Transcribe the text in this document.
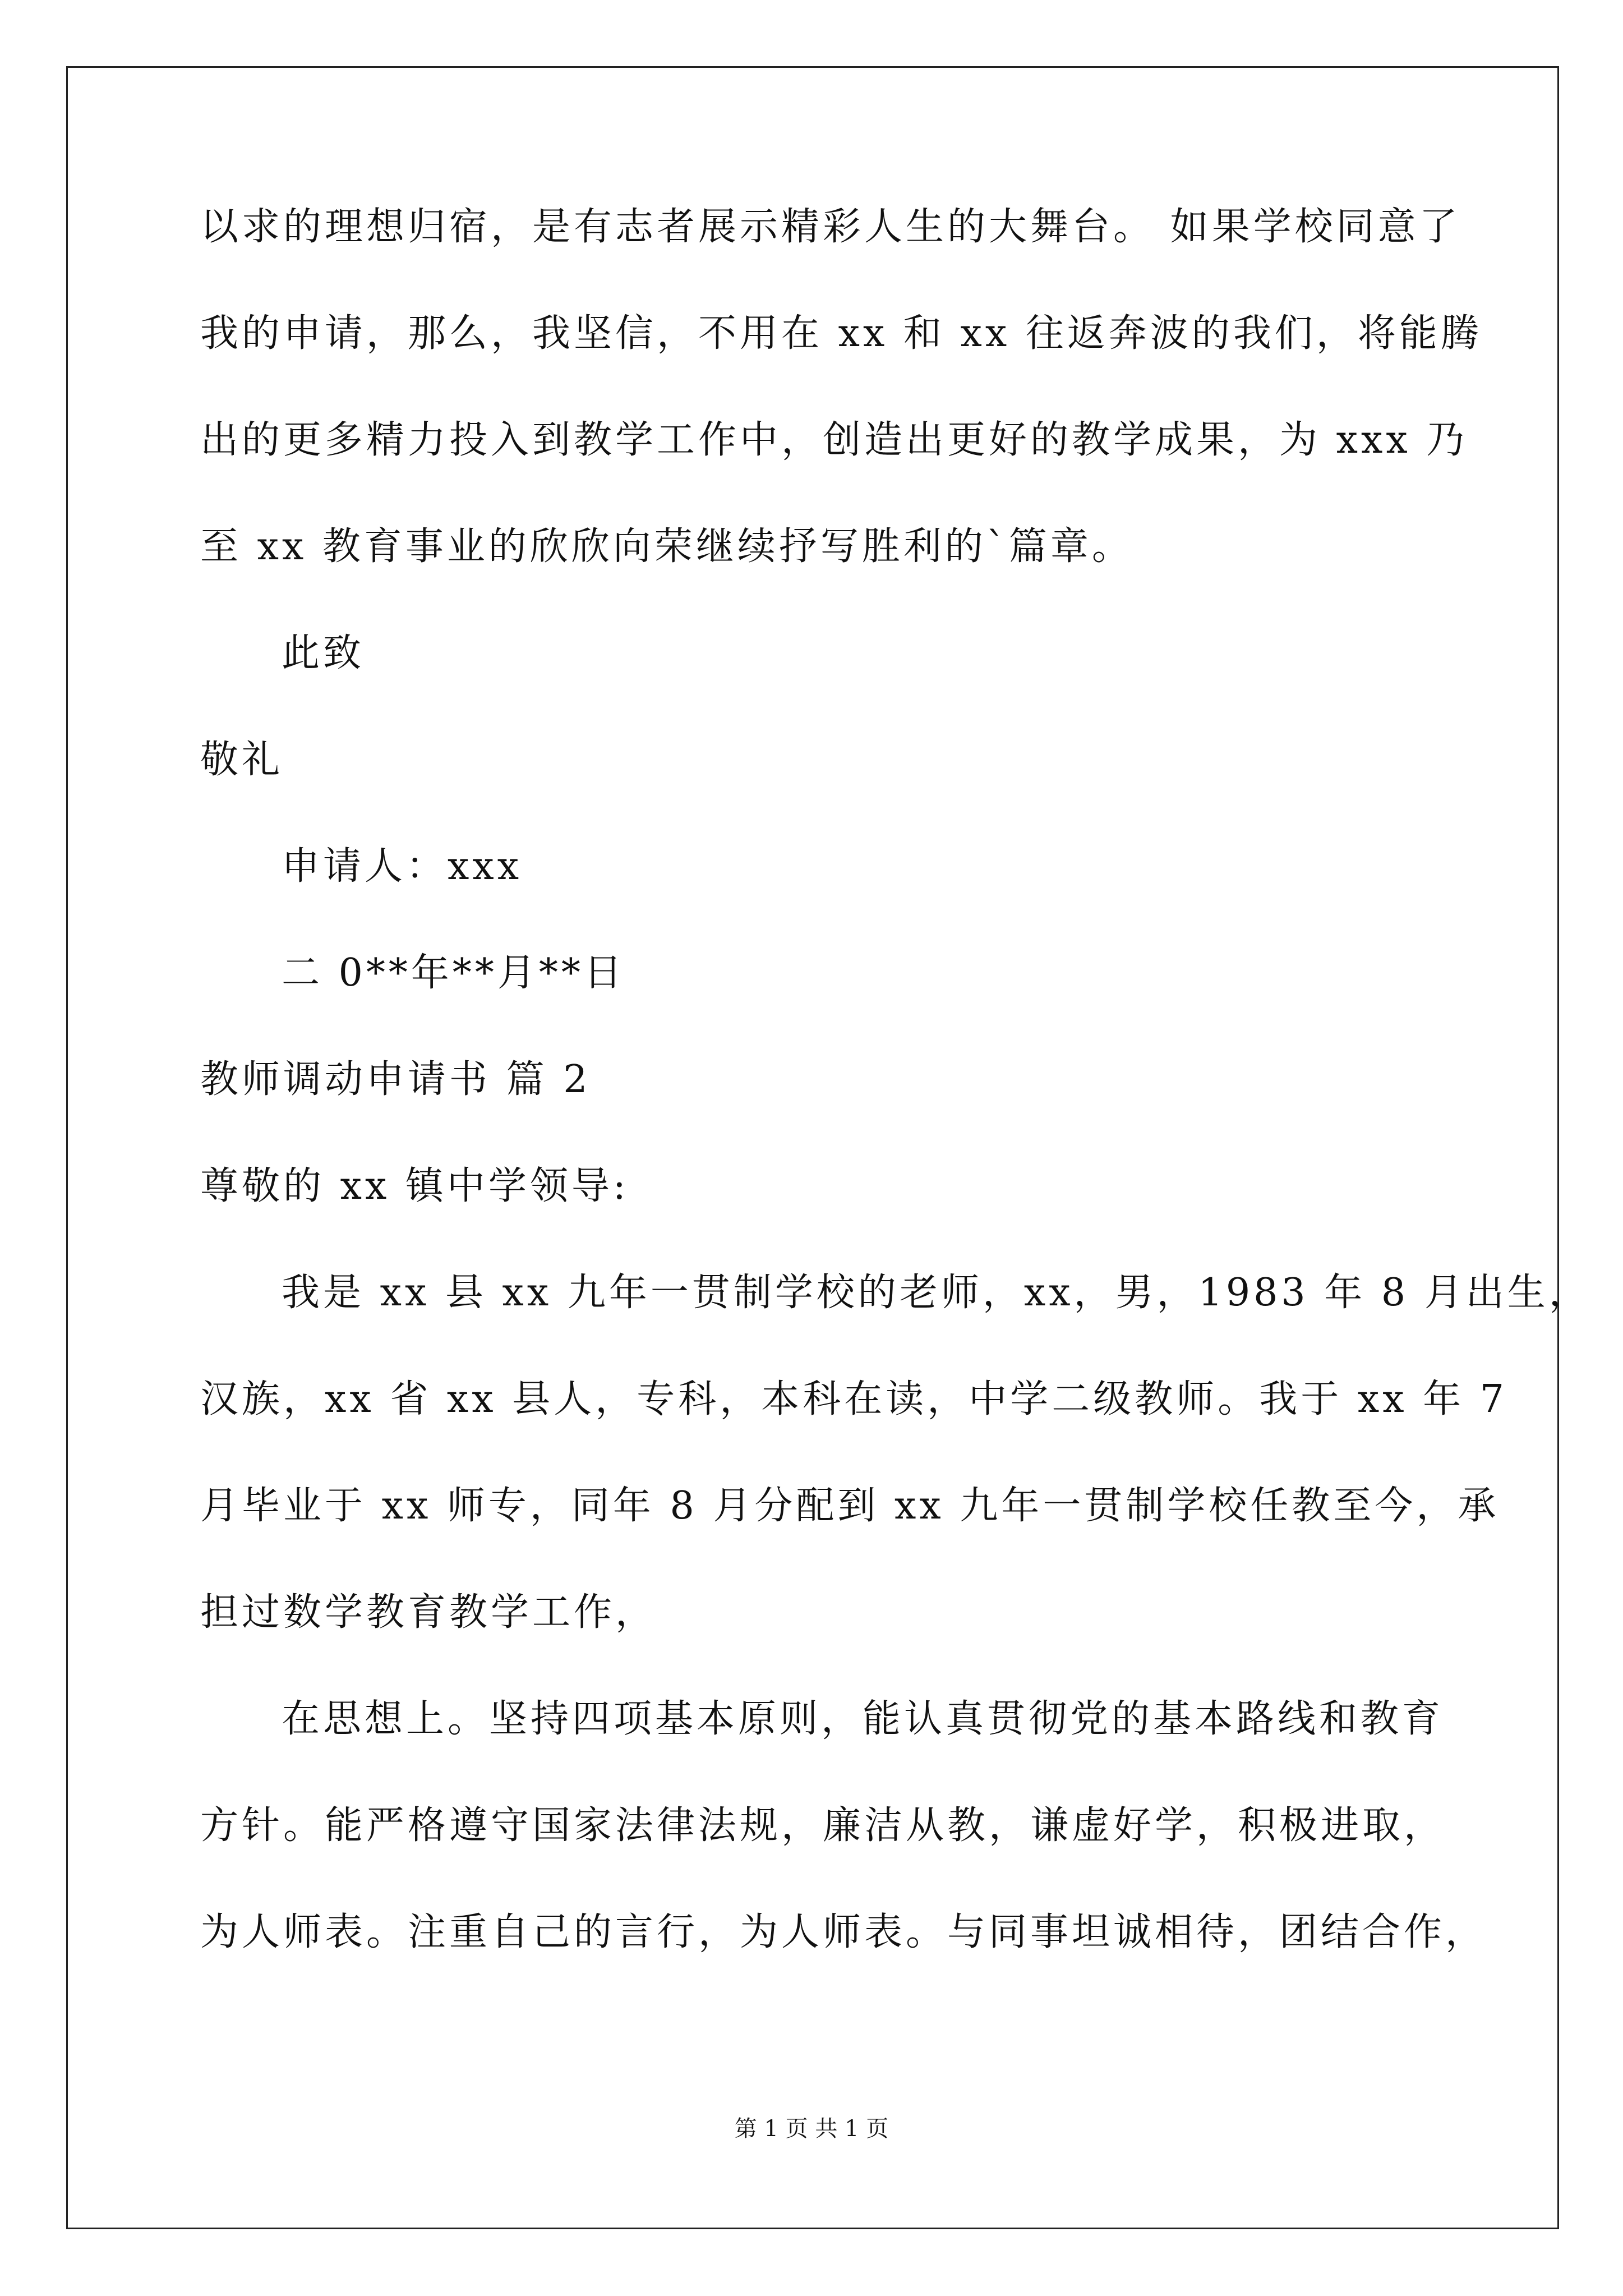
以求的理想归宿，是有志者展示精彩人生的大舞台。 如果学校同意了
我的申请，那么，我坚信，不用在 xx 和 xx 往返奔波的我们，将能腾
出的更多精力投入到教学工作中，创造出更好的教学成果，为 xxx 乃
至 xx 教育事业的欣欣向荣继续抒写胜利的`篇章。
此致
敬礼
申请人：xxx
二 0**年**月**日
教师调动申请书 篇 2
尊敬的 xx 镇中学领导:
我是 xx 县 xx 九年一贯制学校的老师，xx，男，1983 年 8 月出生，
汉族，xx 省 xx 县人，专科，本科在读，中学二级教师。我于 xx 年 7
月毕业于 xx 师专，同年 8 月分配到 xx 九年一贯制学校任教至今，承
担过数学教育教学工作，
在思想上。坚持四项基本原则，能认真贯彻党的基本路线和教育
方针。能严格遵守国家法律法规，廉洁从教，谦虚好学，积极进取，
为人师表。注重自己的言行，为人师表。与同事坦诚相待，团结合作，
第 1 页 共 1 页
